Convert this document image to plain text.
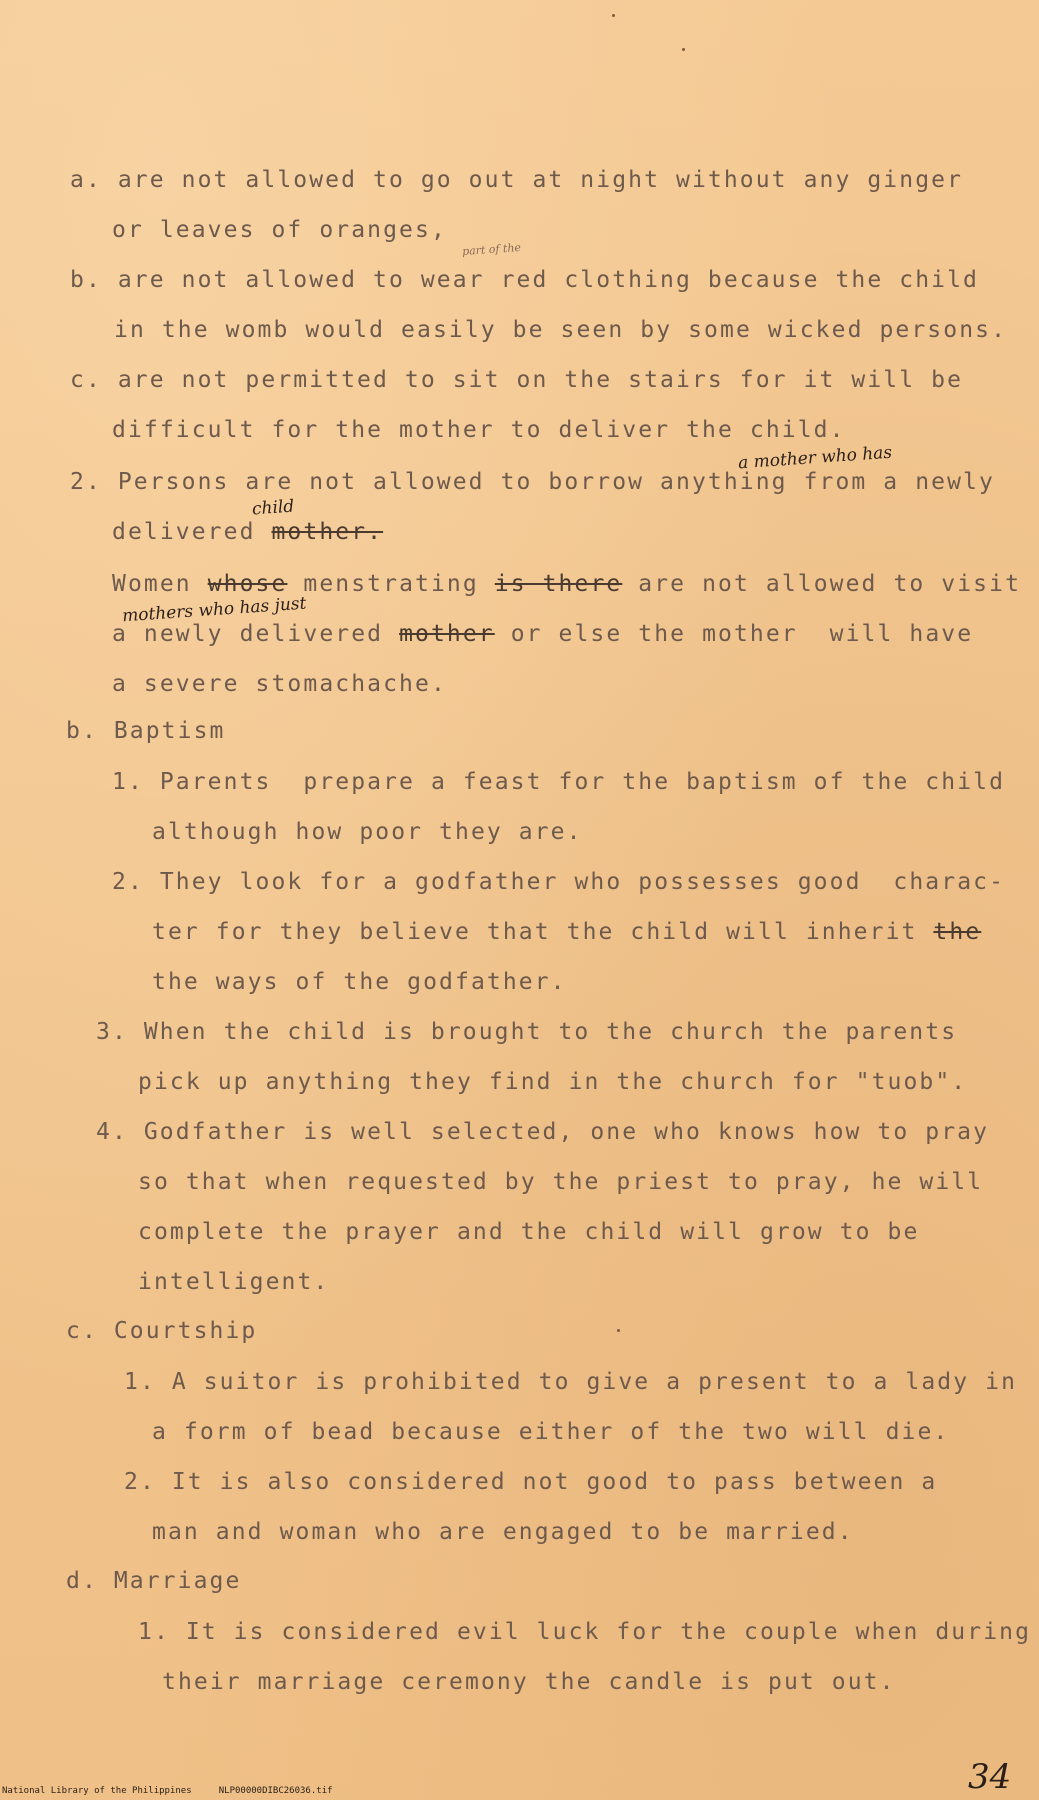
a. are not allowed to go out at night without any ginger
or leaves of oranges,
part of the
b. are not allowed to wear red clothing because the child
in the womb would easily be seen by some wicked persons.
c. are not permitted to sit on the stairs for it will be
difficult for the mother to deliver the child.
a mother who has
2. Persons are not allowed to borrow anything from a newly
child
delivered mother.
Women whose menstrating is there are not allowed to visit
mothers who has just
a newly delivered mother or else the mother  will have
a severe stomachache.
b. Baptism
1. Parents  prepare a feast for the baptism of the child
although how poor they are.
2. They look for a godfather who possesses good  charac-
ter for they believe that the child will inherit the
the ways of the godfather.
3. When the child is brought to the church the parents
pick up anything they find in the church for "tuob".
4. Godfather is well selected, one who knows how to pray
so that when requested by the priest to pray, he will
complete the prayer and the child will grow to be
intelligent.
c. Courtship
1. A suitor is prohibited to give a present to a lady in
a form of bead because either of the two will die.
2. It is also considered not good to pass between a
man and woman who are engaged to be married.
d. Marriage
1. It is considered evil luck for the couple when during
their marriage ceremony the candle is put out.
34
National Library of the Philippines     NLP00000DIBC26036.tif
